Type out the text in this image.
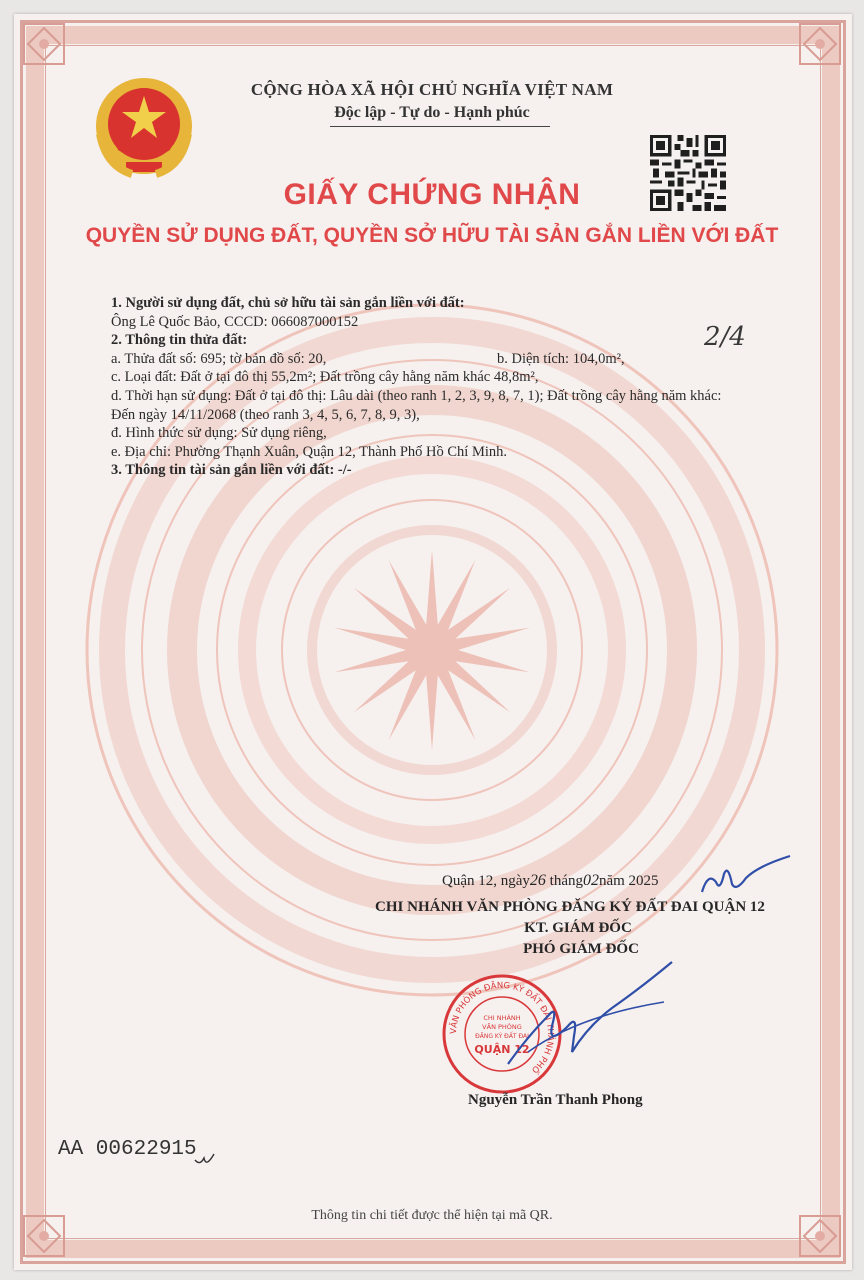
CỘNG HÒA XÃ HỘI CHỦ NGHĨA VIỆT NAM
Độc lập - Tự do - Hạnh phúc
GIẤY CHỨNG NHẬN
QUYỀN SỬ DỤNG ĐẤT, QUYỀN SỞ HỮU TÀI SẢN GẮN LIỀN VỚI ĐẤT
2/4
1. Người sử dụng đất, chủ sở hữu tài sản gắn liền với đất:
Ông Lê Quốc Bảo, CCCD: 066087000152
2. Thông tin thửa đất:
a. Thửa đất số: 695; tờ bản đồ số: 20,	b. Diện tích: 104,0m²,
c. Loại đất: Đất ở tại đô thị 55,2m²; Đất trồng cây hằng năm khác 48,8m²,
d. Thời hạn sử dụng: Đất ở tại đô thị: Lâu dài (theo ranh 1, 2, 3, 9, 8, 7, 1); Đất trồng cây hằng năm khác:
Đến ngày 14/11/2068 (theo ranh 3, 4, 5, 6, 7, 8, 9, 3),
đ. Hình thức sử dụng: Sử dụng riêng,
e. Địa chỉ: Phường Thạnh Xuân, Quận 12, Thành Phố Hồ Chí Minh.
3. Thông tin tài sản gắn liền với đất: -/-
Quận 12, ngày26 tháng02năm 2025
CHI NHÁNH VĂN PHÒNG ĐĂNG KÝ ĐẤT ĐAI QUẬN 12
KT. GIÁM ĐỐC
PHÓ GIÁM ĐỐC
VĂN PHÒNG ĐĂNG KÝ ĐẤT ĐAI THÀNH PHỐ
CHI NHÁNH
VĂN PHÒNG
ĐĂNG KÝ ĐẤT ĐAI
QUẬN 12
Nguyễn Trần Thanh Phong
AA 00622915
Thông tin chi tiết được thể hiện tại mã QR.
